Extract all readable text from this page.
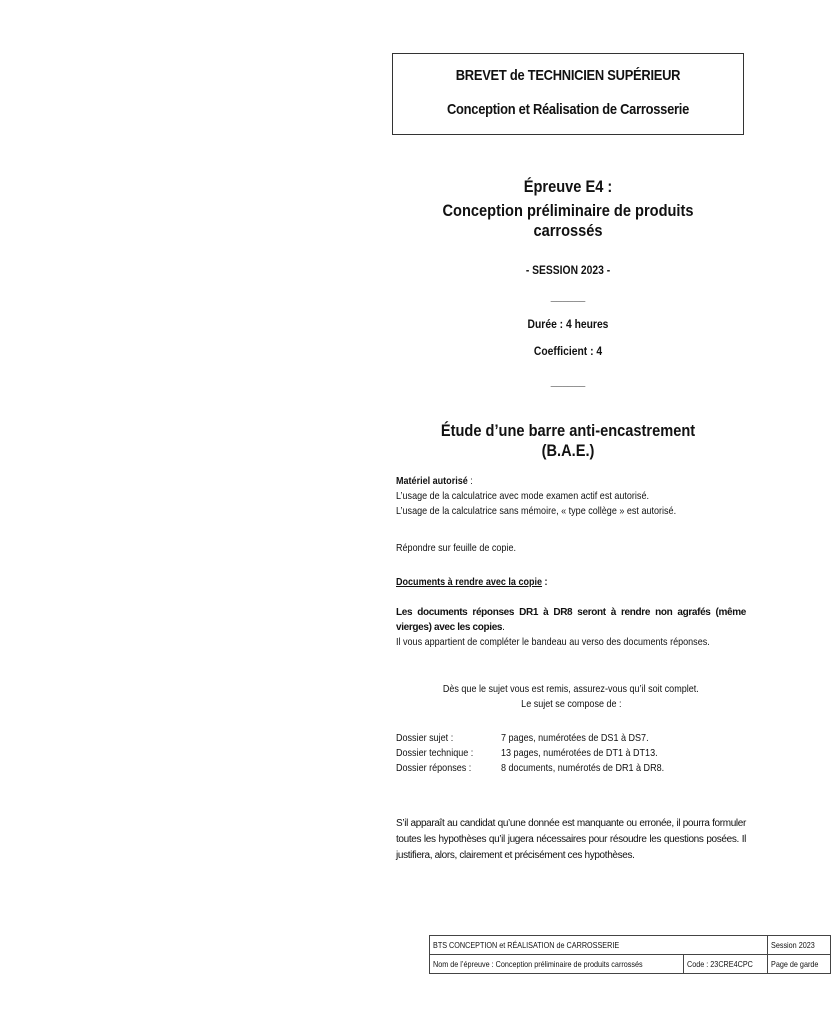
BREVET de TECHNICIEN SUPÉRIEUR
Conception et Réalisation de Carrosserie
Épreuve E4 :
Conception préliminaire de produits carrossés
- SESSION 2023 -
______
Durée : 4 heures
Coefficient : 4
______
Étude d’une barre anti-encastrement (B.A.E.)
Matériel autorisé :
L’usage de la calculatrice avec mode examen actif est autorisé.
L’usage de la calculatrice sans mémoire, « type collège » est autorisé.
Répondre sur feuille de copie.
Documents à rendre avec la copie :
Les documents réponses DR1 à DR8 seront à rendre non agrafés (même vierges) avec les copies.
Il vous appartient de compléter le bandeau au verso des documents réponses.
Dès que le sujet vous est remis, assurez-vous qu’il soit complet.
Le sujet se compose de :
Dossier sujet :	7 pages, numérotées de DS1 à DS7.
Dossier technique :	13 pages, numérotées de DT1 à DT13.
Dossier réponses :	8 documents, numérotés de DR1 à DR8.
S’il apparaît au candidat qu’une donnée est manquante ou erronée, il pourra formuler toutes les hypothèses qu’il jugera nécessaires pour résoudre les questions posées. Il justifiera, alors, clairement et précisément ces hypothèses.
BTS CONCEPTION et RÉALISATION de CARROSSERIE		Session 2023
Nom de l’épreuve : Conception préliminaire de produits carrossés	Code : 23CRE4CPC	Page de garde
